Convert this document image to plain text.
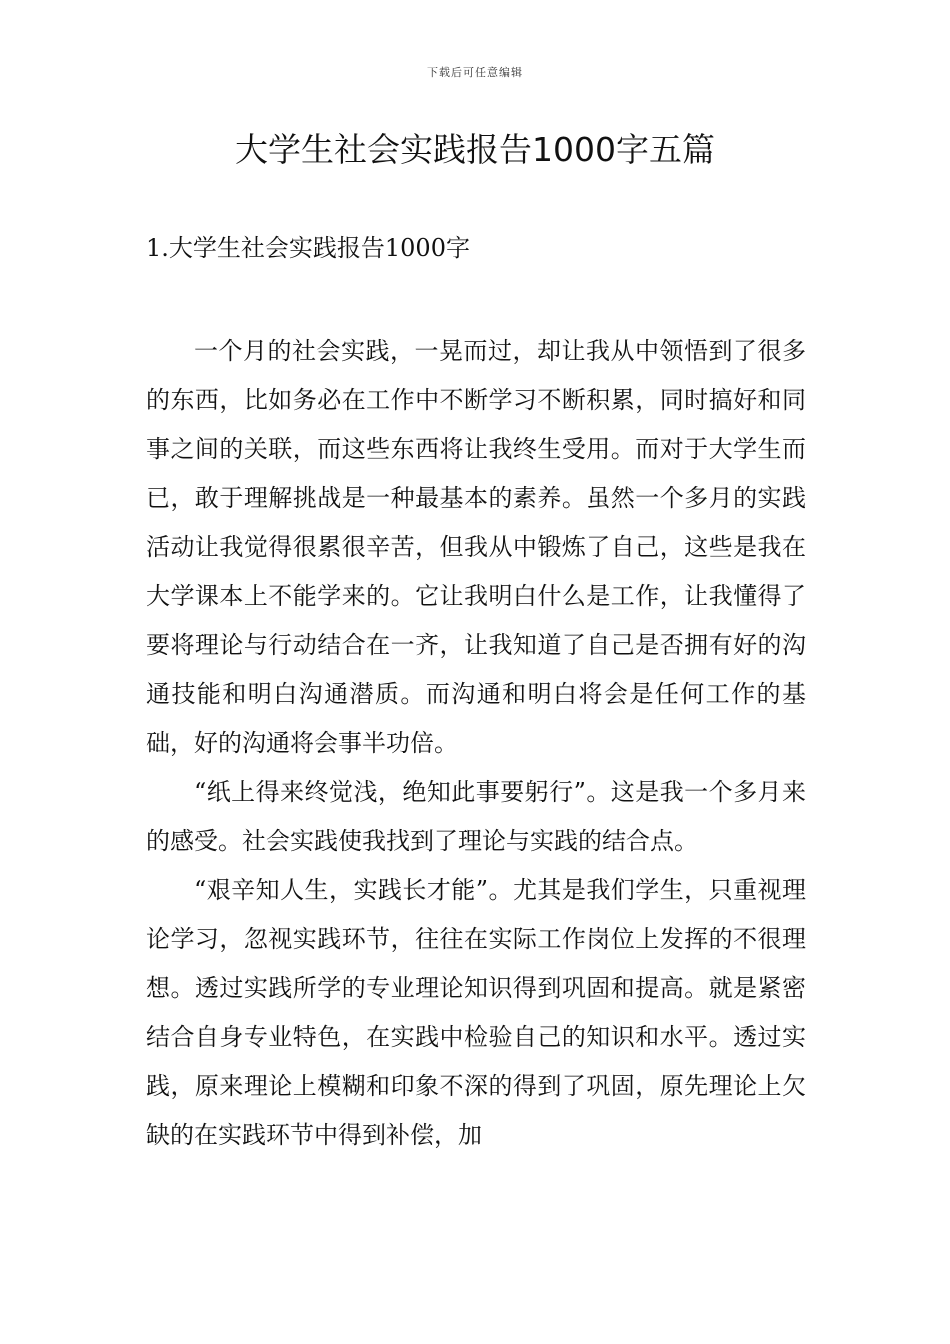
下载后可任意编辑
大学生社会实践报告1000字五篇
1.大学生社会实践报告1000字

一个月的社会实践，一晃而过，却让我从中领悟到了很多的东西，比如务必在工作中不断学习不断积累，同时搞好和同事之间的关联，而这些东西将让我终生受用。而对于大学生而已，敢于理解挑战是一种最基本的素养。虽然一个多月的实践活动让我觉得很累很辛苦，但我从中锻炼了自己，这些是我在大学课本上不能学来的。它让我明白什么是工作，让我懂得了要将理论与行动结合在一齐，让我知道了自己是否拥有好的沟通技能和明白沟通潜质。而沟通和明白将会是任何工作的基础，好的沟通将会事半功倍。

“纸上得来终觉浅，绝知此事要躬行”。这是我一个多月来的感受。社会实践使我找到了理论与实践的结合点。

“艰辛知人生，实践长才能”。尤其是我们学生，只重视理论学习，忽视实践环节，往往在实际工作岗位上发挥的不很理想。透过实践所学的专业理论知识得到巩固和提高。就是紧密结合自身专业特色，在实践中检验自己的知识和水平。透过实践，原来理论上模糊和印象不深的得到了巩固，原先理论上欠缺的在实践环节中得到补偿，加
